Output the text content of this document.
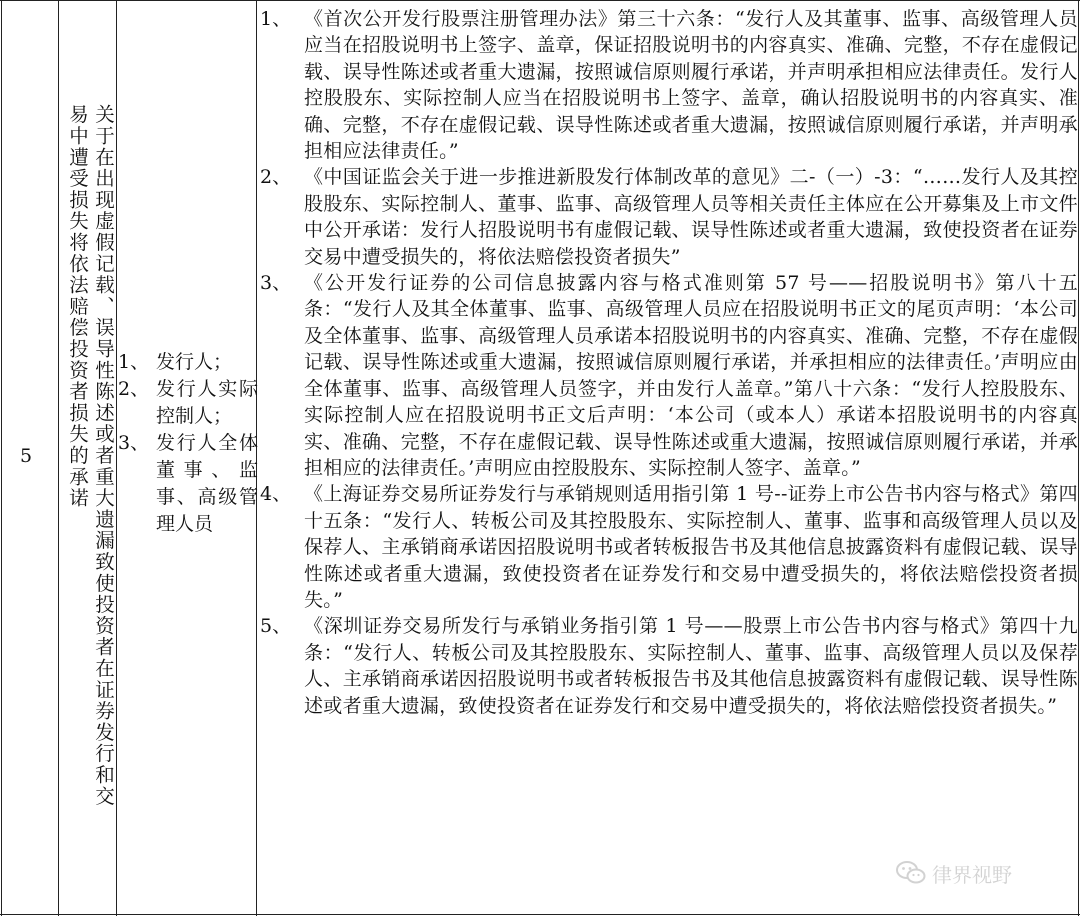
5	关于在出现虚假记载、误导性陈述或者重大遗漏致使投资者在证券发行和交易中遭受损失将依法赔偿投资者损失的承诺	1、 发行人；
2、 发行人实际控制人；
3、 发行人全体董事、监事、高级管理人员
1、 《首次公开发行股票注册管理办法》第三十六条：“发行人及其董事、监事、高级管理人员应当在招股说明书上签字、盖章，保证招股说明书的内容真实、准确、完整，不存在虚假记载、误导性陈述或者重大遗漏，按照诚信原则履行承诺，并声明承担相应法律责任。发行人控股股东、实际控制人应当在招股说明书上签字、盖章，确认招股说明书的内容真实、准确、完整，不存在虚假记载、误导性陈述或者重大遗漏，按照诚信原则履行承诺，并声明承担相应法律责任。”
2、 《中国证监会关于进一步推进新股发行体制改革的意见》二-（一）-3：“……发行人及其控股股东、实际控制人、董事、监事、高级管理人员等相关责任主体应在公开募集及上市文件中公开承诺：发行人招股说明书有虚假记载、误导性陈述或者重大遗漏，致使投资者在证券交易中遭受损失的，将依法赔偿投资者损失”
3、 《公开发行证券的公司信息披露内容与格式准则第 57 号——招股说明书》第八十五条：“发行人及其全体董事、监事、高级管理人员应在招股说明书正文的尾页声明：‘本公司及全体董事、监事、高级管理人员承诺本招股说明书的内容真实、准确、完整，不存在虚假记载、误导性陈述或重大遗漏，按照诚信原则履行承诺，并承担相应的法律责任。’声明应由全体董事、监事、高级管理人员签字，并由发行人盖章。”第八十六条：“发行人控股股东、实际控制人应在招股说明书正文后声明：‘本公司（或本人）承诺本招股说明书的内容真实、准确、完整，不存在虚假记载、误导性陈述或重大遗漏，按照诚信原则履行承诺，并承担相应的法律责任。’声明应由控股股东、实际控制人签字、盖章。”
4、 《上海证券交易所证券发行与承销规则适用指引第 1 号--证券上市公告书内容与格式》第四十五条：“发行人、转板公司及其控股股东、实际控制人、董事、监事和高级管理人员以及保荐人、主承销商承诺因招股说明书或者转板报告书及其他信息披露资料有虚假记载、误导性陈述或者重大遗漏，致使投资者在证券发行和交易中遭受损失的，将依法赔偿投资者损失。”
5、 《深圳证券交易所发行与承销业务指引第 1 号——股票上市公告书内容与格式》第四十九条：“发行人、转板公司及其控股股东、实际控制人、董事、监事、高级管理人员以及保荐人、主承销商承诺因招股说明书或者转板报告书及其他信息披露资料有虚假记载、误导性陈述或者重大遗漏，致使投资者在证券发行和交易中遭受损失的，将依法赔偿投资者损失。”
律界视野
